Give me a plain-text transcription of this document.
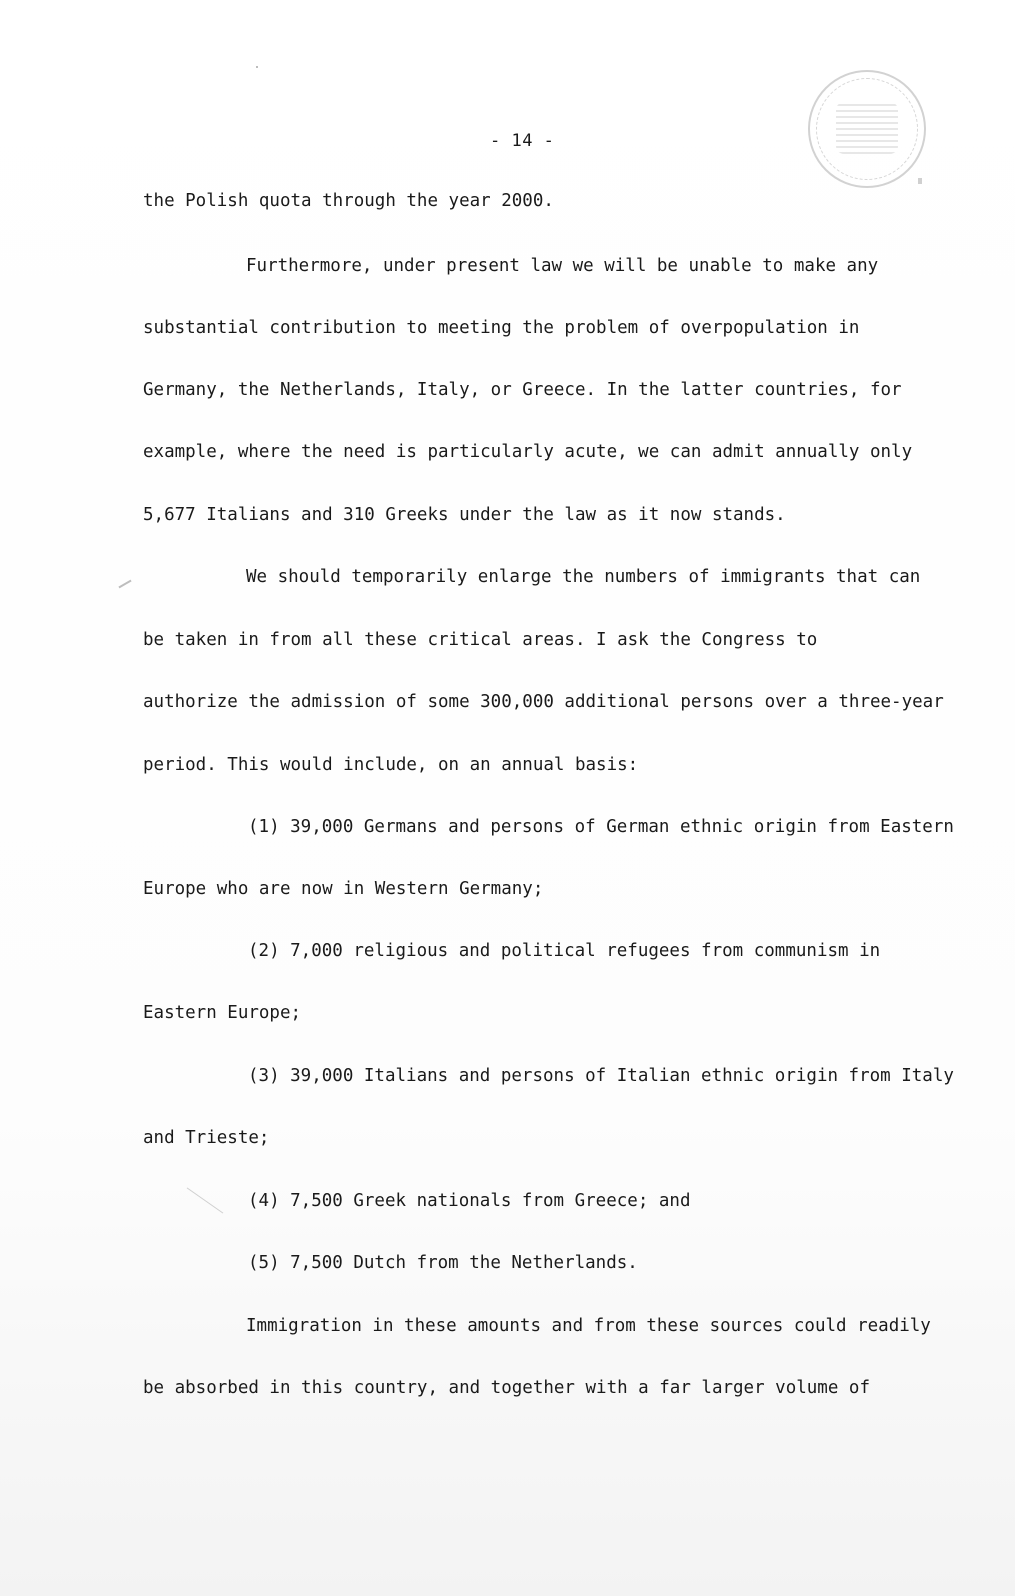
- 14 -
the Polish quota through the year 2000.
Furthermore, under present law we will be unable to make any
substantial contribution to meeting the problem of overpopulation in
Germany, the Netherlands, Italy, or Greece. In the latter countries, for
example, where the need is particularly acute, we can admit annually only
5,677 Italians and 310 Greeks under the law as it now stands.
We should temporarily enlarge the numbers of immigrants that can
be taken in from all these critical areas. I ask the Congress to
authorize the admission of some 300,000 additional persons over a three-year
period. This would include, on an annual basis:
(1) 39,000 Germans and persons of German ethnic origin from Eastern
Europe who are now in Western Germany;
(2) 7,000 religious and political refugees from communism in
Eastern Europe;
(3) 39,000 Italians and persons of Italian ethnic origin from Italy
and Trieste;
(4) 7,500 Greek nationals from Greece; and
(5) 7,500 Dutch from the Netherlands.
Immigration in these amounts and from these sources could readily
be absorbed in this country, and together with a far larger volume of
